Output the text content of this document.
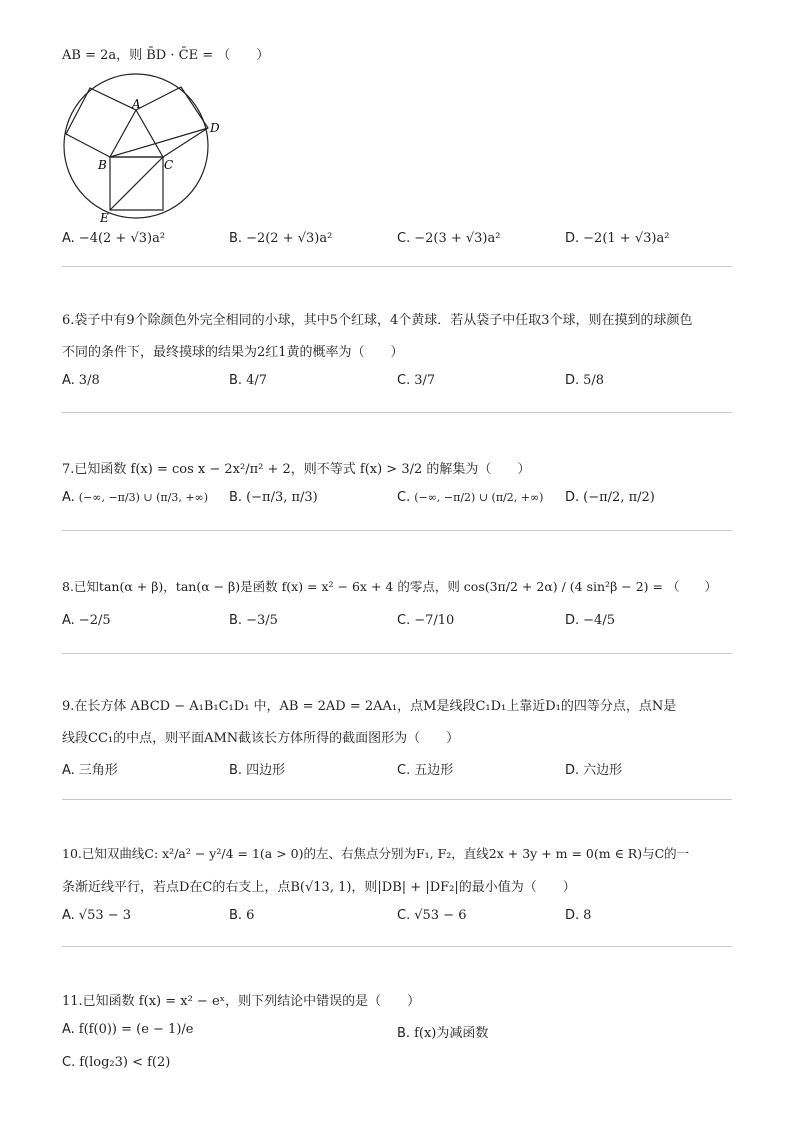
AB = 2a，则 B̄D · C̄E = （　　）
A
D
B	C
E
A. −4(2 + √3)a²	B. −2(2 + √3)a²	C. −2(3 + √3)a²	D. −2(1 + √3)a²
6.袋子中有9个除颜色外完全相同的小球，其中5个红球，4个黄球．若从袋子中任取3个球，则在摸到的球颜色
不同的条件下，最终摸球的结果为2红1黄的概率为（　　）
A. 3/8	B. 4/7	C. 3/7	D. 5/8
7.已知函数 f(x) = cos x − 2x²/π² + 2，则不等式 f(x) > 3/2 的解集为（　　）
A. (−∞, −π/3) ∪ (π/3, +∞) B. (−π/3, π/3)	C. (−∞, −π/2) ∪ (π/2, +∞) D. (−π/2, π/2)
8.已知tan(α + β)，tan(α − β)是函数 f(x) = x² − 6x + 4 的零点，则 cos(3π/2 + 2α) / (4 sin²β − 2) = （　　）
A. −2/5	B. −3/5	C. −7/10	D. −4/5
9.在长方体 ABCD − A₁B₁C₁D₁ 中，AB = 2AD = 2AA₁，点M是线段C₁D₁上靠近D₁的四等分点，点N是
线段CC₁的中点，则平面AMN截该长方体所得的截面图形为（　　）
A. 三角形	B. 四边形	C. 五边形	D. 六边形
10.已知双曲线C: x²/a² − y²/4 = 1(a > 0)的左、右焦点分别为F₁, F₂，直线2x + 3y + m = 0(m ∈ R)与C的一
条渐近线平行，若点D在C的右支上，点B(√13, 1)，则|DB| + |DF₂|的最小值为（　　）
A. √53 − 3	B. 6	C. √53 − 6	D. 8
11.已知函数 f(x) = x² − eˣ，则下列结论中错误的是（　　）
A. f(f(0)) = (e − 1)/e	B. f(x)为减函数
C. f(log₂3) < f(2)
